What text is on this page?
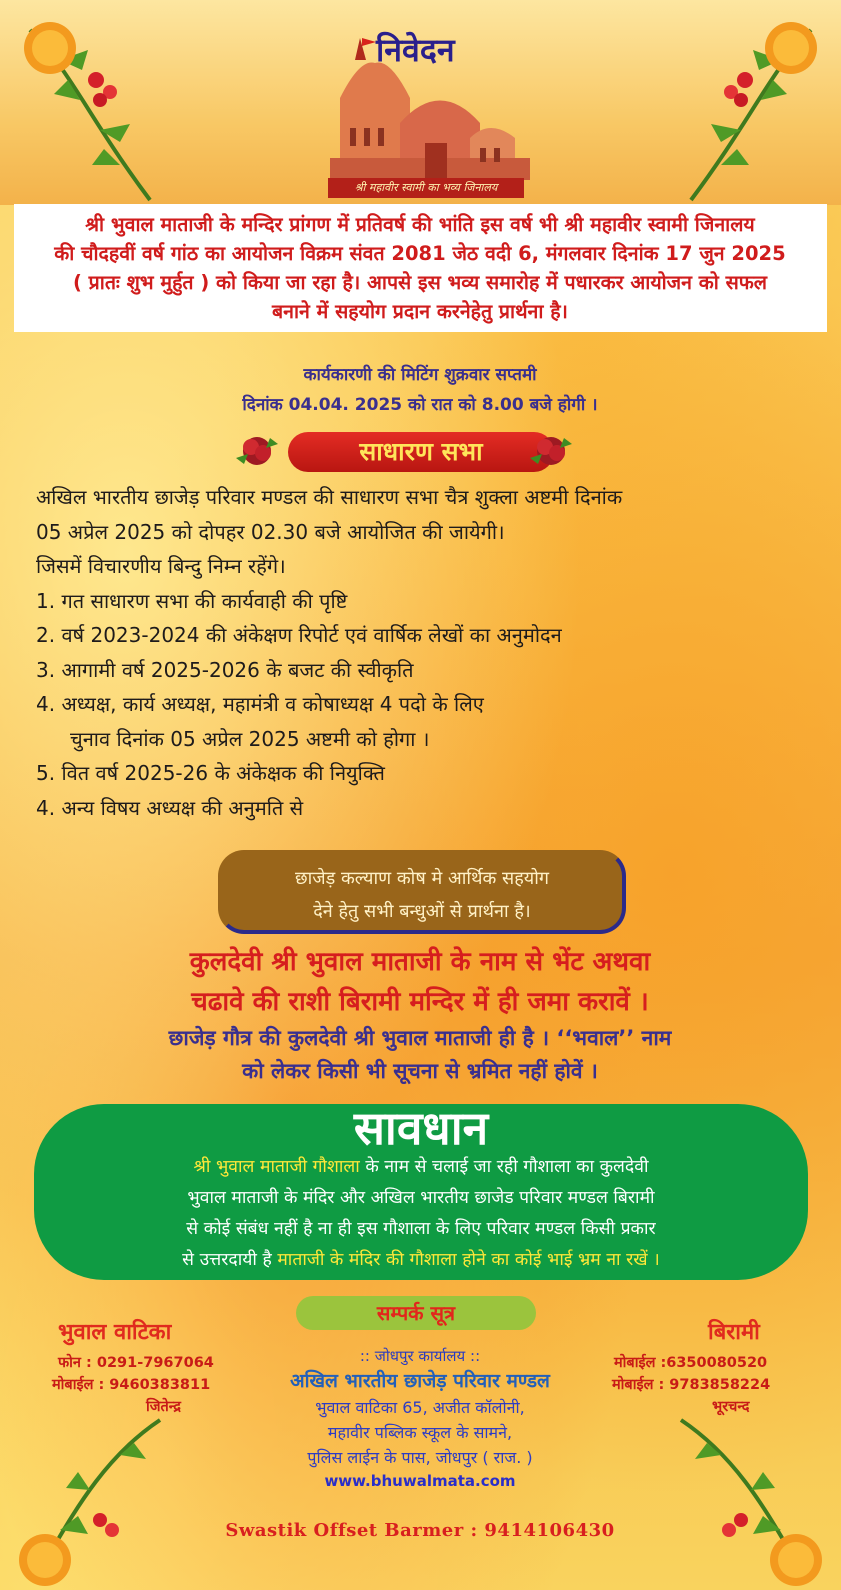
निवेदन
श्री महावीर स्वामी का भव्य जिनालय
श्री भुवाल माताजी के मन्दिर प्रांगण में प्रतिवर्ष की भांति इस वर्ष भी श्री महावीर स्वामी जिनालय
की चौदहवीं वर्ष गांठ का आयोजन विक्रम संवत 2081 जेठ वदी 6, मंगलवार दिनांक 17 जुन 2025
( प्रातः शुभ मुर्हुत ) को किया जा रहा है। आपसे इस भव्य समारोह में पधारकर आयोजन को सफल
बनाने में सहयोग प्रदान करनेहेतु प्रार्थना है।
कार्यकारणी की मिटिंग शुक्रवार सप्तमी
दिनांक 04.04. 2025 को रात को 8.00 बजे होगी ।
साधारण सभा
अखिल भारतीय छाजेड़ परिवार मण्डल की साधारण सभा चैत्र शुक्ला अष्टमी दिनांक
05 अप्रेल 2025 को दोपहर 02.30 बजे आयोजित की जायेगी।
जिसमें विचारणीय बिन्दु निम्न रहेंगे।
1. गत साधारण सभा की कार्यवाही की पृष्टि
2. वर्ष 2023-2024 की अंकेक्षण रिपोर्ट एवं वार्षिक लेखों का अनुमोदन
3. आगामी वर्ष 2025-2026 के बजट की स्वीकृति
4. अध्यक्ष, कार्य अध्यक्ष, महामंत्री व कोषाध्यक्ष 4 पदो के लिए
चुनाव दिनांक 05 अप्रेल 2025 अष्टमी को होगा ।
5. वित वर्ष 2025-26 के अंकेक्षक की नियुक्ति
4. अन्य विषय अध्यक्ष की अनुमति से
छाजेड़ कल्याण कोष मे आर्थिक सहयोग
देने हेतु सभी बन्धुओं से प्रार्थना है।
कुलदेवी श्री भुवाल माताजी के नाम से भेंट अथवा
चढावे की राशी बिरामी मन्दिर में ही जमा करावें ।
छाजेड़ गौत्र की कुलदेवी श्री भुवाल माताजी ही है । ‘‘भवाल’’ नाम
को लेकर किसी भी सूचना से भ्रमित नहीं होवें ।
सावधान
श्री भुवाल माताजी गौशाला के नाम से चलाई जा रही गौशाला का कुलदेवी
भुवाल माताजी के मंदिर और अखिल भारतीय छाजेड परिवार मण्डल बिरामी
से कोई संबंध नहीं है ना ही इस गौशाला के लिए परिवार मण्डल किसी प्रकार
से उत्तरदायी है माताजी के मंदिर की गौशाला होने का कोई भाई भ्रम ना रखें ।
सम्पर्क सूत्र
भुवाल वाटिका
फोन : 0291-7967064
मोबाईल : 9460383811
जितेन्द्र
बिरामी
मोबाईल :6350080520
मोबाईल : 9783858224
भूरचन्द
:: जोधपुर कार्यालय ::
अखिल भारतीय छाजेड़ परिवार मण्डल
भुवाल वाटिका 65, अजीत कॉलोनी,
महावीर पब्लिक स्कूल के सामने,
पुलिस लाईन के पास, जोधपुर ( राज. )
www.bhuwalmata.com
Swastik Offset Barmer : 9414106430
